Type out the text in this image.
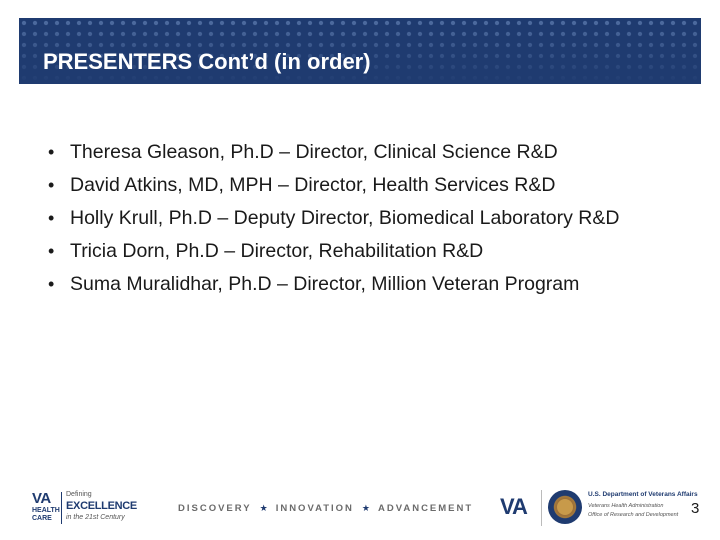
PRESENTERS Cont’d (in order)
• Theresa Gleason, Ph.D – Director, Clinical Science R&D
• David Atkins, MD, MPH – Director, Health Services R&D
• Holly Krull, Ph.D – Deputy Director, Biomedical Laboratory R&D
• Tricia Dorn, Ph.D – Director, Rehabilitation R&D
• Suma Muralidhar, Ph.D – Director, Million Veteran Program
VA
HEALTH
CARE
Defining
EXCELLENCE
in the 21st Century
DISCOVERY ★ INNOVATION ★ ADVANCEMENT VA	U.S. Department of Veterans Affairs
Veterans Health Administration
Office of Research and Development 3
